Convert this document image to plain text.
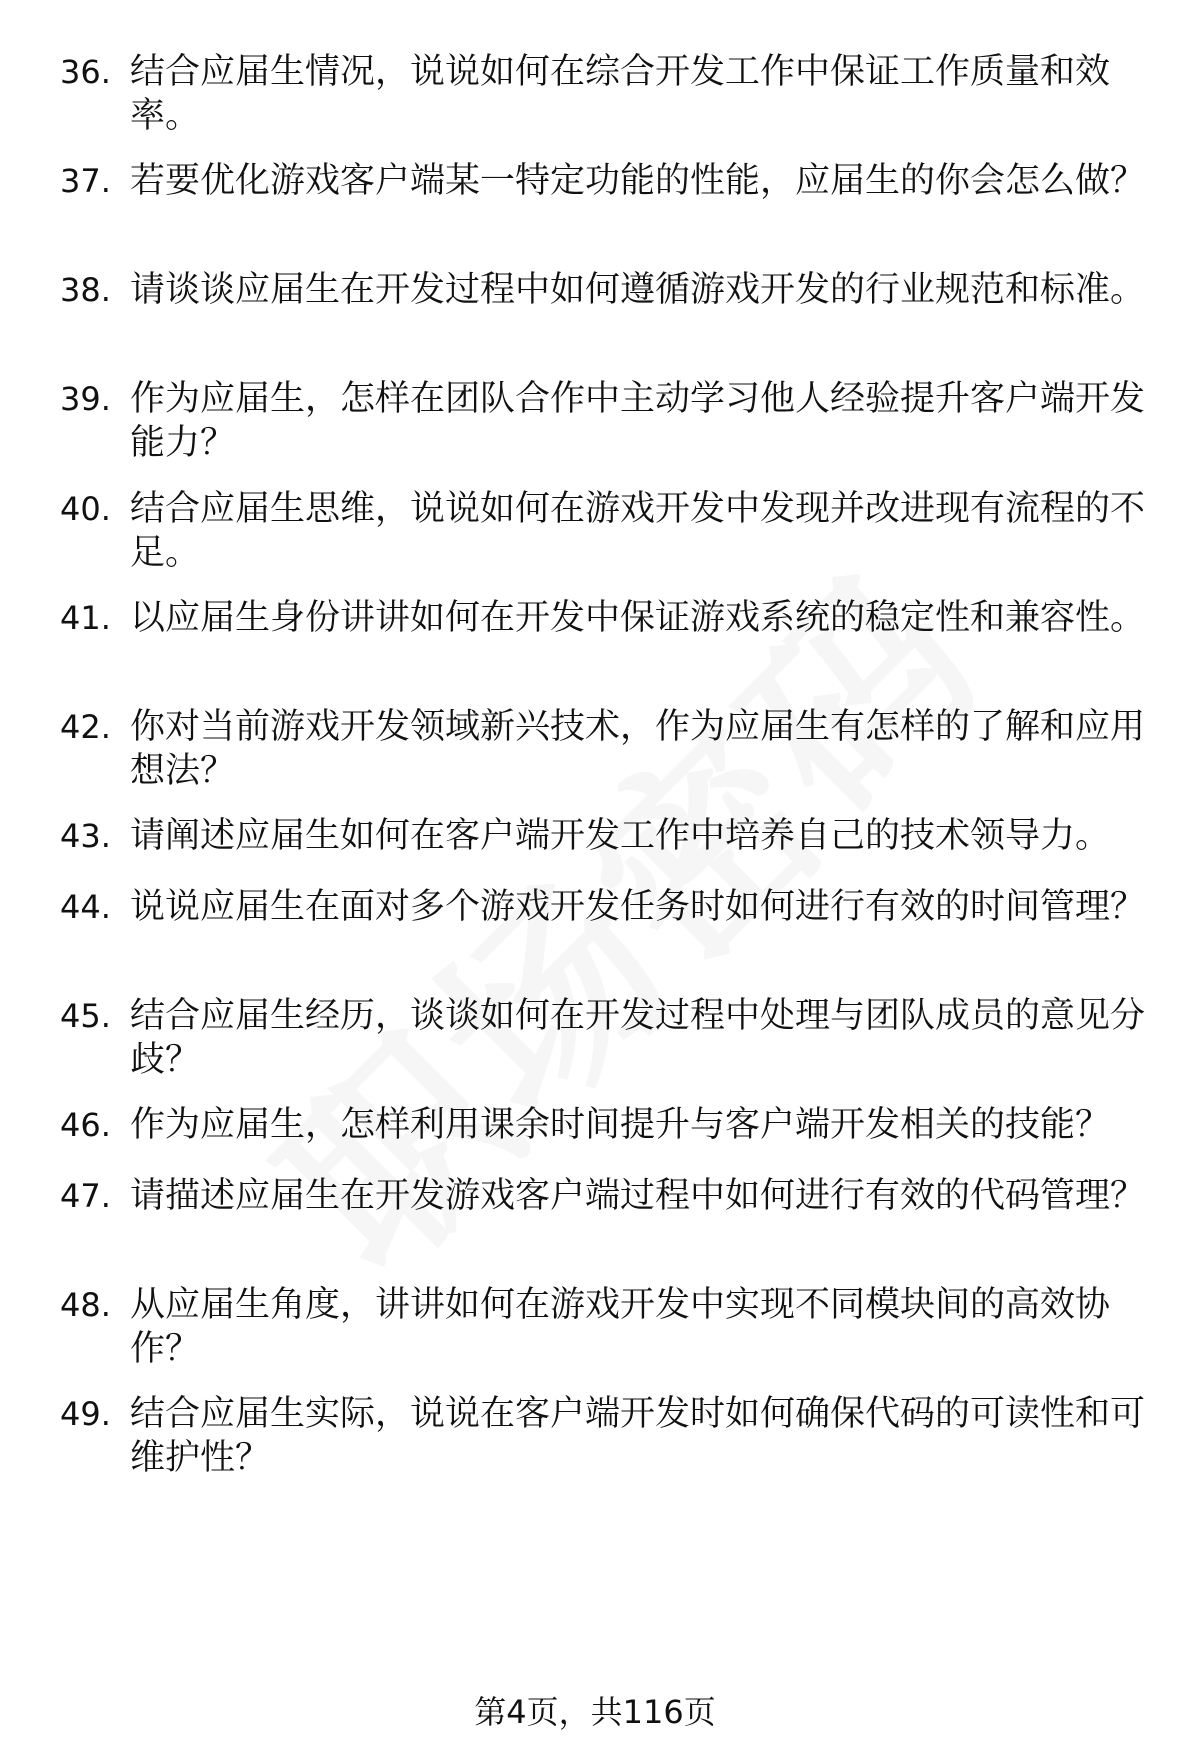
36. 结合应届生情况，说说如何在综合开发工作中保证工作质量和效率。
37. 若要优化游戏客户端某一特定功能的性能，应届生的你会怎么做？
38. 请谈谈应届生在开发过程中如何遵循游戏开发的行业规范和标准。
39. 作为应届生，怎样在团队合作中主动学习他人经验提升客户端开发能力？
40. 结合应届生思维，说说如何在游戏开发中发现并改进现有流程的不足。
41. 以应届生身份讲讲如何在开发中保证游戏系统的稳定性和兼容性。
42. 你对当前游戏开发领域新兴技术，作为应届生有怎样的了解和应用想法？
43. 请阐述应届生如何在客户端开发工作中培养自己的技术领导力。
44. 说说应届生在面对多个游戏开发任务时如何进行有效的时间管理？
45. 结合应届生经历，谈谈如何在开发过程中处理与团队成员的意见分歧？
46. 作为应届生，怎样利用课余时间提升与客户端开发相关的技能？
47. 请描述应届生在开发游戏客户端过程中如何进行有效的代码管理？
48. 从应届生角度，讲讲如何在游戏开发中实现不同模块间的高效协作？
49. 结合应届生实际，说说在客户端开发时如何确保代码的可读性和可维护性？
第4页，共116页
